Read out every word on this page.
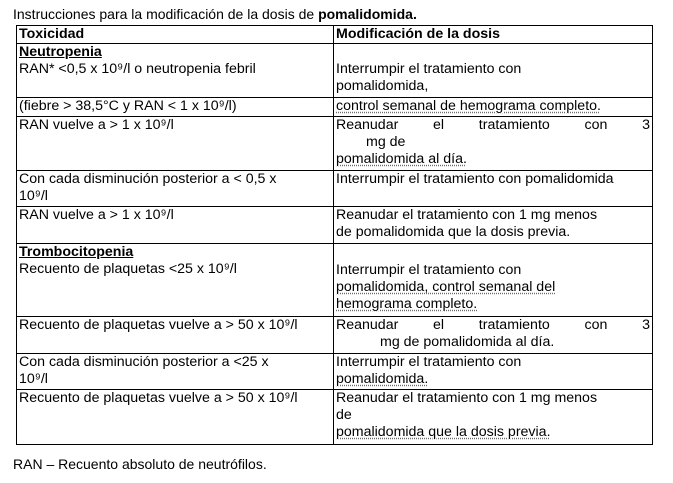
Instrucciones para la modificación de la dosis de pomalidomida.
Toxicidad	Modificación de la dosis

Neutropenia
RAN* <0,5 x 10⁹/l o neutropenia febril	Interrumpir el tratamiento con
pomalidomida,

(fiebre > 38,5°C y RAN < 1 x 10⁹/l)	control semanal de hemograma completo.
RAN vuelve a > 1 x 10⁹/l	Reanudar el tratamiento con 3
mg de
pomalidomida al día.

Con cada disminución posterior a < 0,5 x
10⁹/l	Interrumpir el tratamiento con pomalidomida
RAN vuelve a > 1 x 10⁹/l	Reanudar el tratamiento con 1 mg menos
de pomalidomida que la dosis previa.

Trombocitopenia
Recuento de plaquetas <25 x 10⁹/l	Interrumpir el tratamiento con
pomalidomida, control semanal del
hemograma completo.

Recuento de plaquetas vuelve a > 50 x 10⁹/l	Reanudar el tratamiento con 3
mg de pomalidomida al día.

Con cada disminución posterior a <25 x
10⁹/l	Interrumpir el tratamiento con
pomalidomida.

Recuento de plaquetas vuelve a > 50 x 10⁹/l	Reanudar el tratamiento con 1 mg menos
de
pomalidomida que la dosis previa.
RAN – Recuento absoluto de neutrófilos.
